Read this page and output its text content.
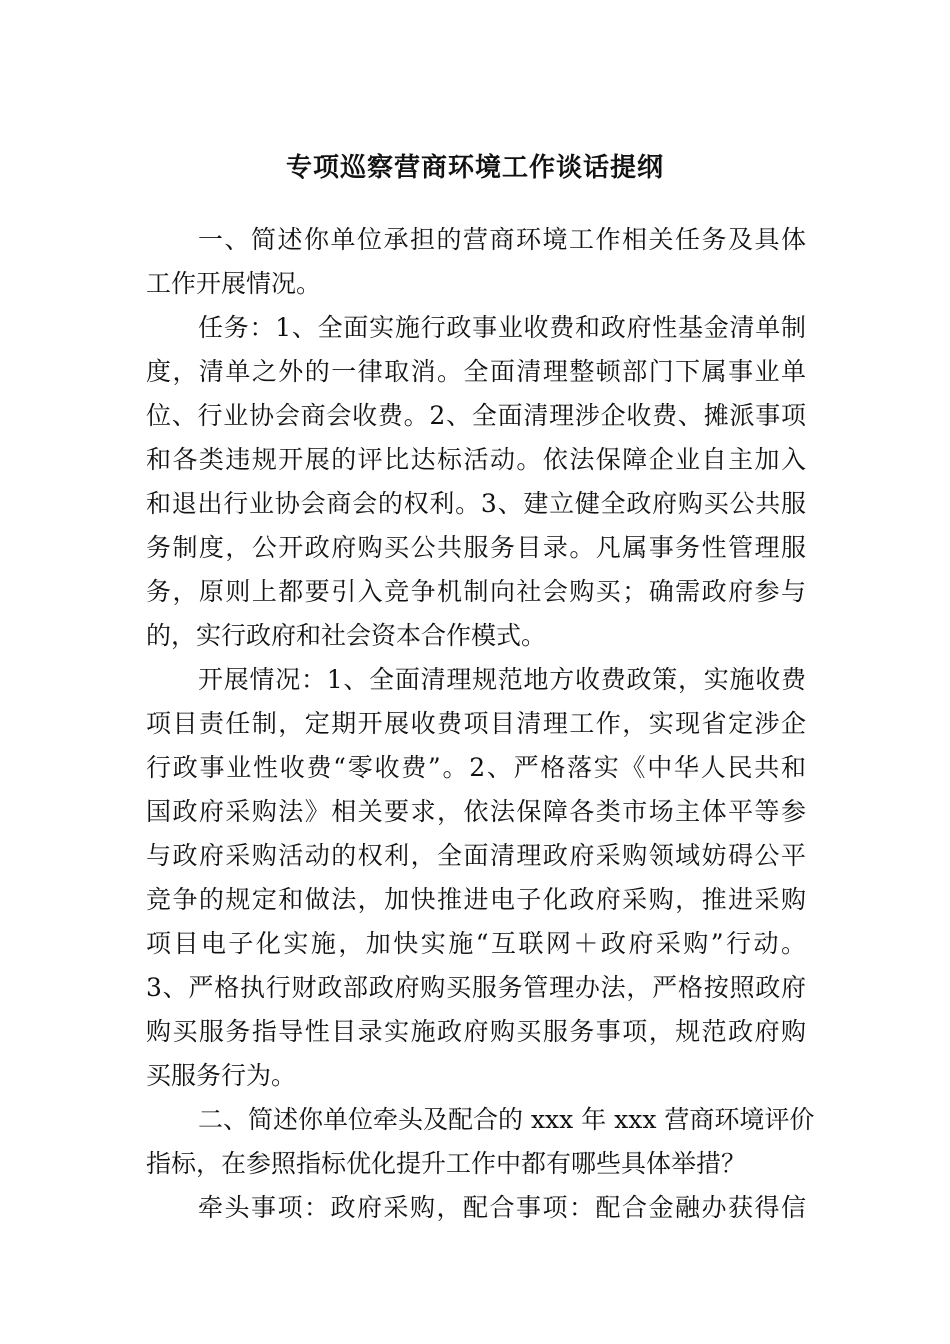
专项巡察营商环境工作谈话提纲
一、简述你单位承担的营商环境工作相关任务及具体
工作开展情况。
任务：1、全面实施行政事业收费和政府性基金清单制
度，清单之外的一律取消。全面清理整顿部门下属事业单
位、行业协会商会收费。2、全面清理涉企收费、摊派事项
和各类违规开展的评比达标活动。依法保障企业自主加入
和退出行业协会商会的权利。3、建立健全政府购买公共服
务制度，公开政府购买公共服务目录。凡属事务性管理服
务，原则上都要引入竞争机制向社会购买；确需政府参与
的，实行政府和社会资本合作模式。
开展情况：1、全面清理规范地方收费政策，实施收费
项目责任制，定期开展收费项目清理工作，实现省定涉企
行政事业性收费“零收费”。2、严格落实《中华人民共和
国政府采购法》相关要求，依法保障各类市场主体平等参
与政府采购活动的权利，全面清理政府采购领域妨碍公平
竞争的规定和做法，加快推进电子化政府采购，推进采购
项目电子化实施，加快实施“互联网＋政府采购”行动。
3、严格执行财政部政府购买服务管理办法，严格按照政府
购买服务指导性目录实施政府购买服务事项，规范政府购
买服务行为。
二、简述你单位牵头及配合的 xxx 年 xxx 营商环境评价
指标，在参照指标优化提升工作中都有哪些具体举措？
牵头事项：政府采购，配合事项：配合金融办获得信
